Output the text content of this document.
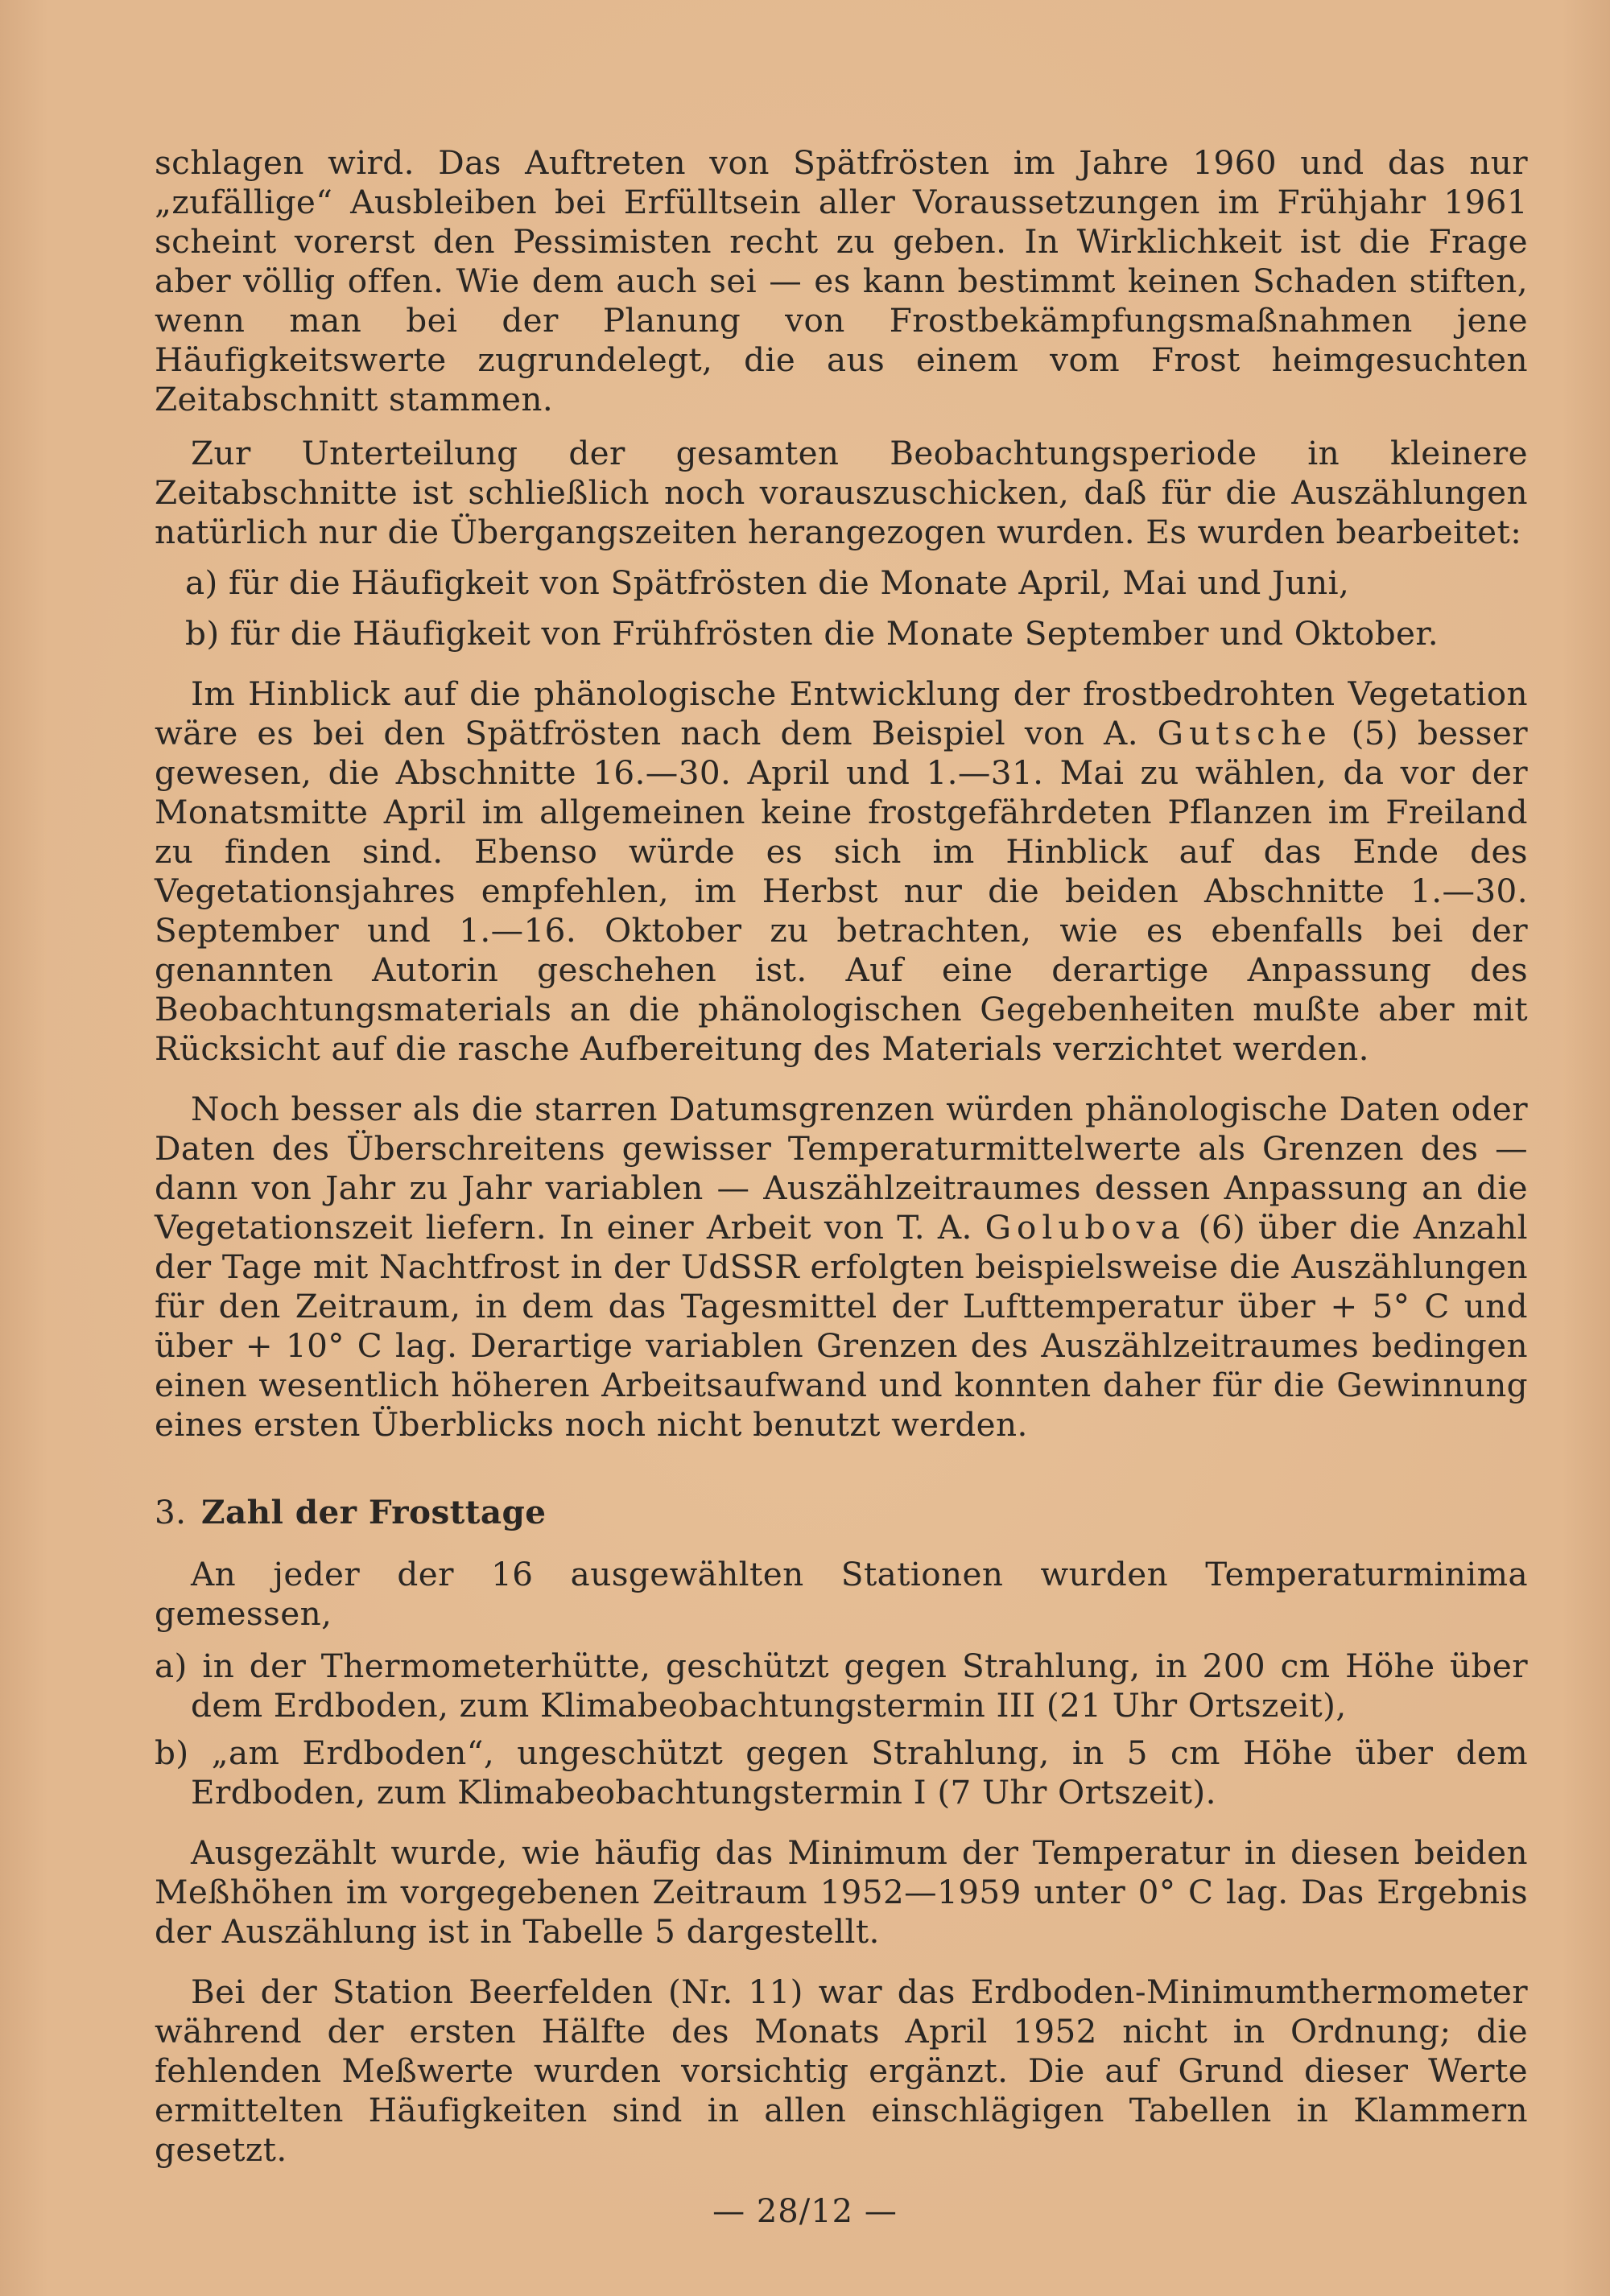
schlagen wird. Das Auftreten von Spätfrösten im Jahre 1960 und das nur „zufällige“ Ausbleiben bei Erfülltsein aller Voraussetzungen im Frühjahr 1961 scheint vorerst den Pessimisten recht zu geben. In Wirklichkeit ist die Frage aber völlig offen. Wie dem auch sei — es kann bestimmt keinen Schaden stiften, wenn man bei der Planung von Frostbekämpfungsmaßnahmen jene Häufigkeitswerte zugrundelegt, die aus einem vom Frost heimgesuchten Zeitabschnitt stammen.

Zur Unterteilung der gesamten Beobachtungsperiode in kleinere Zeitabschnitte ist schließlich noch vorauszuschicken, daß für die Auszählungen natürlich nur die Übergangszeiten herangezogen wurden. Es wurden bearbeitet:

a) für die Häufigkeit von Spätfrösten die Monate April, Mai und Juni,

b) für die Häufigkeit von Frühfrösten die Monate September und Oktober.

Im Hinblick auf die phänologische Entwicklung der frostbedrohten Vegetation wäre es bei den Spätfrösten nach dem Beispiel von A. Gutsche (5) besser gewesen, die Abschnitte 16.—30. April und 1.—31. Mai zu wählen, da vor der Monatsmitte April im allgemeinen keine frostgefährdeten Pflanzen im Freiland zu finden sind. Ebenso würde es sich im Hinblick auf das Ende des Vegetationsjahres empfehlen, im Herbst nur die beiden Abschnitte 1.—30. September und 1.—16. Oktober zu betrachten, wie es ebenfalls bei der genannten Autorin geschehen ist. Auf eine derartige Anpassung des Beobachtungsmaterials an die phänologischen Gegebenheiten mußte aber mit Rücksicht auf die rasche Aufbereitung des Materials verzichtet werden.

Noch besser als die starren Datumsgrenzen würden phänologische Daten oder Daten des Überschreitens gewisser Temperaturmittelwerte als Grenzen des — dann von Jahr zu Jahr variablen — Auszählzeitraumes dessen Anpassung an die Vegetationszeit liefern. In einer Arbeit von T. A. Golubova (6) über die Anzahl der Tage mit Nachtfrost in der UdSSR erfolgten beispielsweise die Auszählungen für den Zeitraum, in dem das Tagesmittel der Lufttemperatur über + 5° C und über + 10° C lag. Derartige variablen Grenzen des Auszählzeitraumes bedingen einen wesentlich höheren Arbeitsaufwand und konnten daher für die Gewinnung eines ersten Überblicks noch nicht benutzt werden.

3. Zahl der Frosttage

An jeder der 16 ausgewählten Stationen wurden Temperaturminima gemessen,

a) in der Thermometerhütte, geschützt gegen Strahlung, in 200 cm Höhe über dem Erdboden, zum Klimabeobachtungstermin III (21 Uhr Ortszeit),

b) „am Erdboden“, ungeschützt gegen Strahlung, in 5 cm Höhe über dem Erdboden, zum Klimabeobachtungstermin I (7 Uhr Ortszeit).

Ausgezählt wurde, wie häufig das Minimum der Temperatur in diesen beiden Meßhöhen im vorgegebenen Zeitraum 1952—1959 unter 0° C lag. Das Ergebnis der Auszählung ist in Tabelle 5 dargestellt.

Bei der Station Beerfelden (Nr. 11) war das Erdboden-Minimumthermometer während der ersten Hälfte des Monats April 1952 nicht in Ordnung; die fehlenden Meßwerte wurden vorsichtig ergänzt. Die auf Grund dieser Werte ermittelten Häufigkeiten sind in allen einschlägigen Tabellen in Klammern gesetzt.

— 28/12 —
